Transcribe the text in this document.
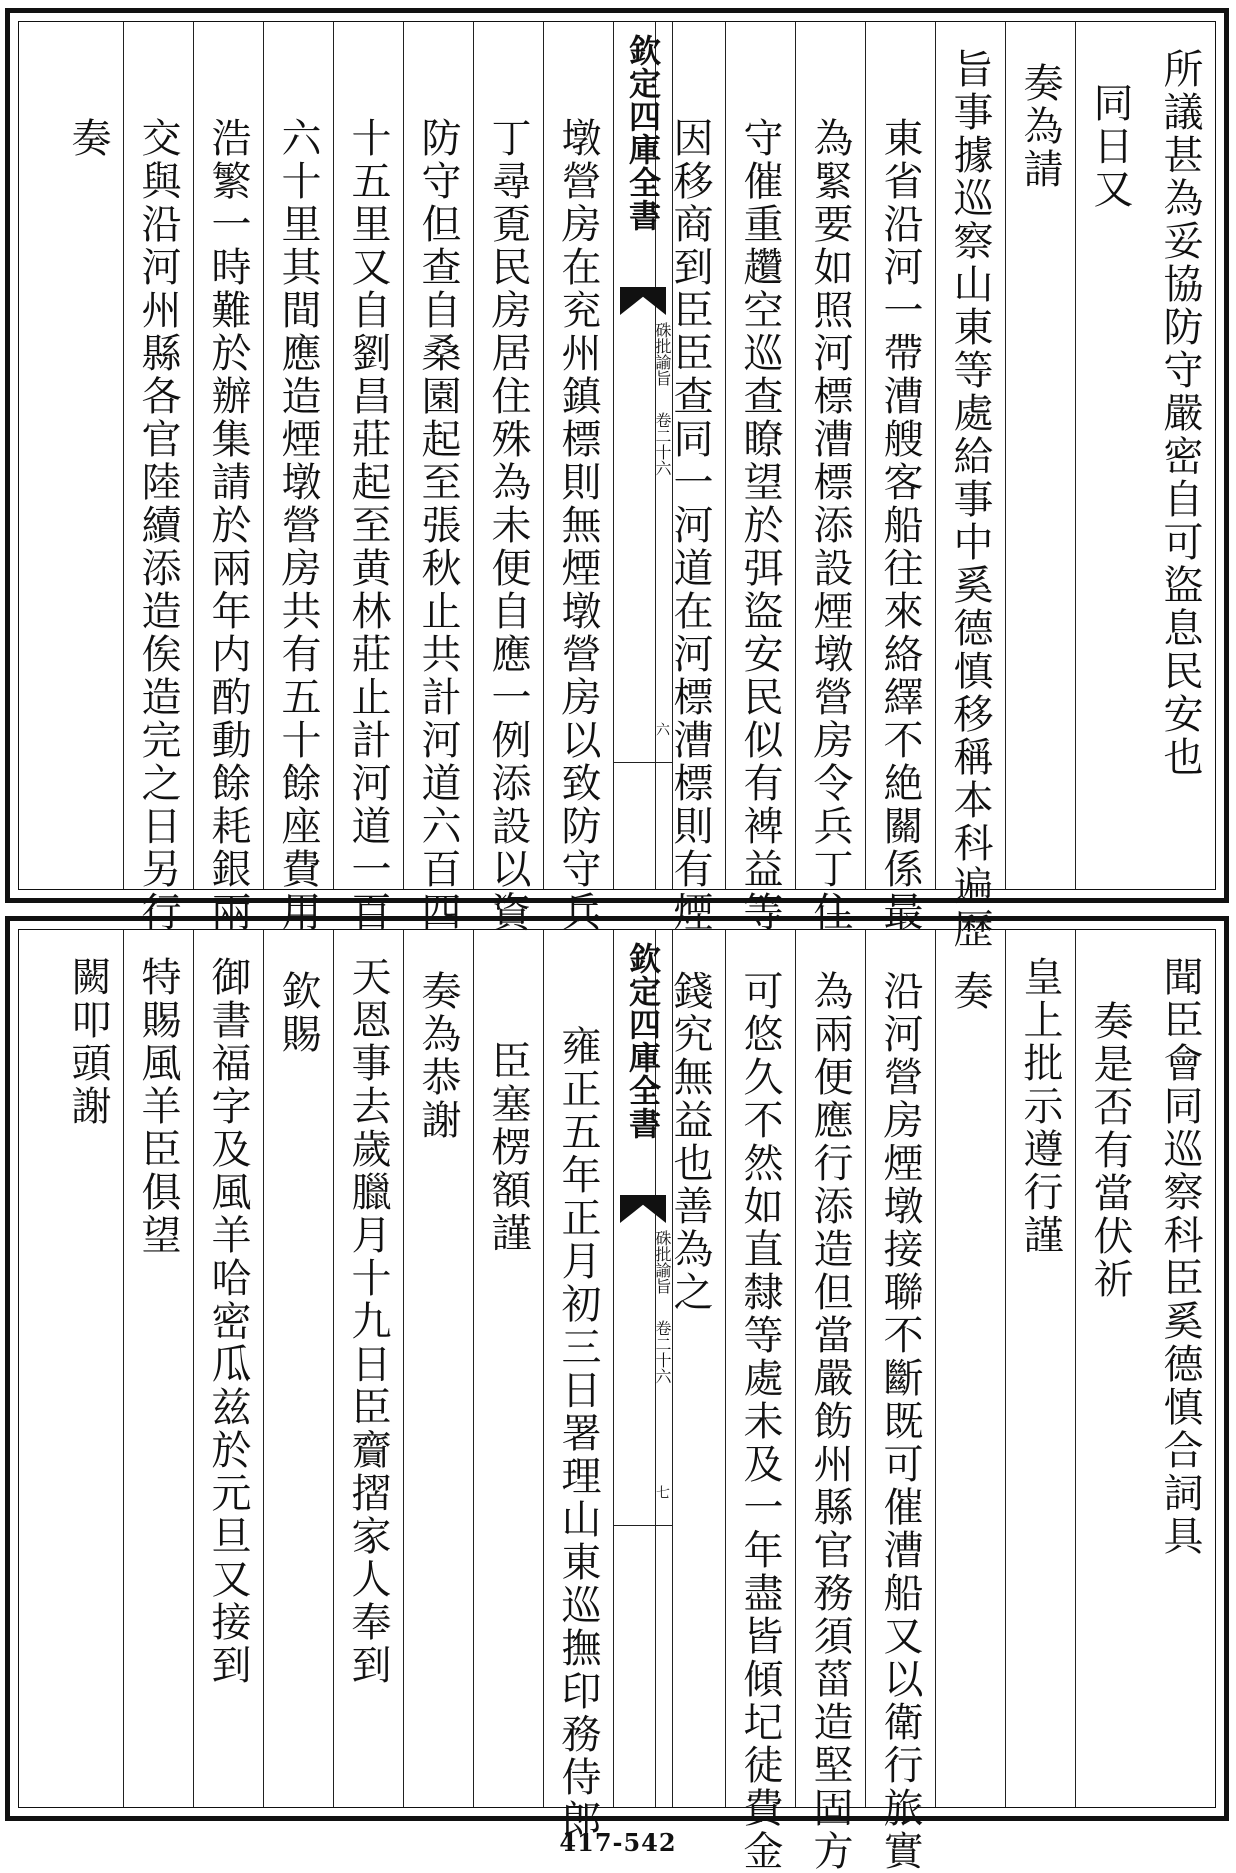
所議甚為妥協防守嚴密自可盜息民安也
同日又
奏為請
旨事據巡察山東等處給事中奚德慎移稱本科遍歷
東省沿河一帶漕艘客船往來絡繹不絶關係最
為緊要如照河標漕標添設煙墩營房令兵丁住
守催重趲空巡查瞭望於弭盜安民似有裨益等
因移商到臣臣查同一河道在河標漕標則有煙
欽定四庫全書
硃批諭旨
卷二十六
六
墩營房在兖州鎮標則無煙墩營房以致防守兵
丁尋覔民房居住殊為未便自應一例添設以資
防守但查自桑園起至張秋止共計河道六百四
十五里又自劉昌莊起至黄林莊止計河道一百
六十里其間應造煙墩營房共有五十餘座費用
浩繁一時難於辦集請於兩年内酌動餘耗銀兩
交與沿河州縣各官陸續添造俟造完之日另行
奏
聞臣會同巡察科臣奚德慎合詞具
奏是否有當伏祈
皇上批示遵行謹
奏
沿河營房煙墩接聯不斷既可催漕船又以衛行旅實
為兩便應行添造但當嚴飭州縣官務須菑造堅固方
可悠久不然如直隸等處未及一年盡皆傾圮徒費金
錢究無益也善為之
欽定四庫全書
硃批諭旨
卷二十六
七
雍正五年正月初三日署理山東巡撫印務侍郎
臣塞楞額謹
奏為恭謝
天恩事去歲臘月十九日臣齎摺家人奉到
欽賜
御書福字及風羊哈密瓜兹於元旦又接到
特賜風羊臣俱望
闕叩頭謝
417-542
